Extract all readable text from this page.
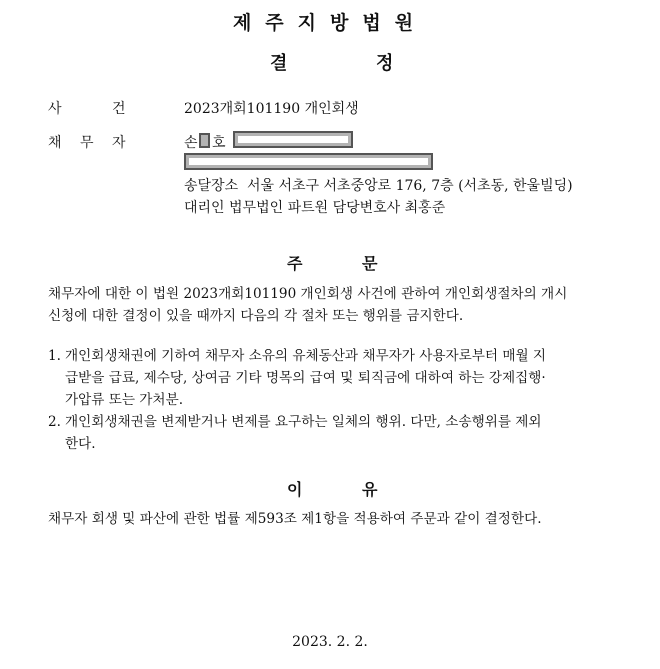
제주지방법원
결	정
사	건	2023개회101190 개인회생
채 무 자	손 호
송달장소  서울 서초구 서초중앙로 176, 7층 (서초동, 한울빌딩)
대리인 법무법인 파트원 담당변호사 최홍준
주	문
채무자에 대한 이 법원 2023개회101190 개인회생 사건에 관하여 개인회생절차의 개시
신청에 대한 결정이 있을 때까지 다음의 각 절차 또는 행위를 금지한다.
1. 개인회생채권에 기하여 채무자 소유의 유체동산과 채무자가 사용자로부터 매월 지
급받을 급료, 제수당, 상여금 기타 명목의 급여 및 퇴직금에 대하여 하는 강제집행·
가압류 또는 가처분.
2. 개인회생채권을 변제받거나 변제를 요구하는 일체의 행위. 다만, 소송행위를 제외
한다.
이	유
채무자 회생 및 파산에 관한 법률 제593조 제1항을 적용하여 주문과 같이 결정한다.
2023. 2. 2.
